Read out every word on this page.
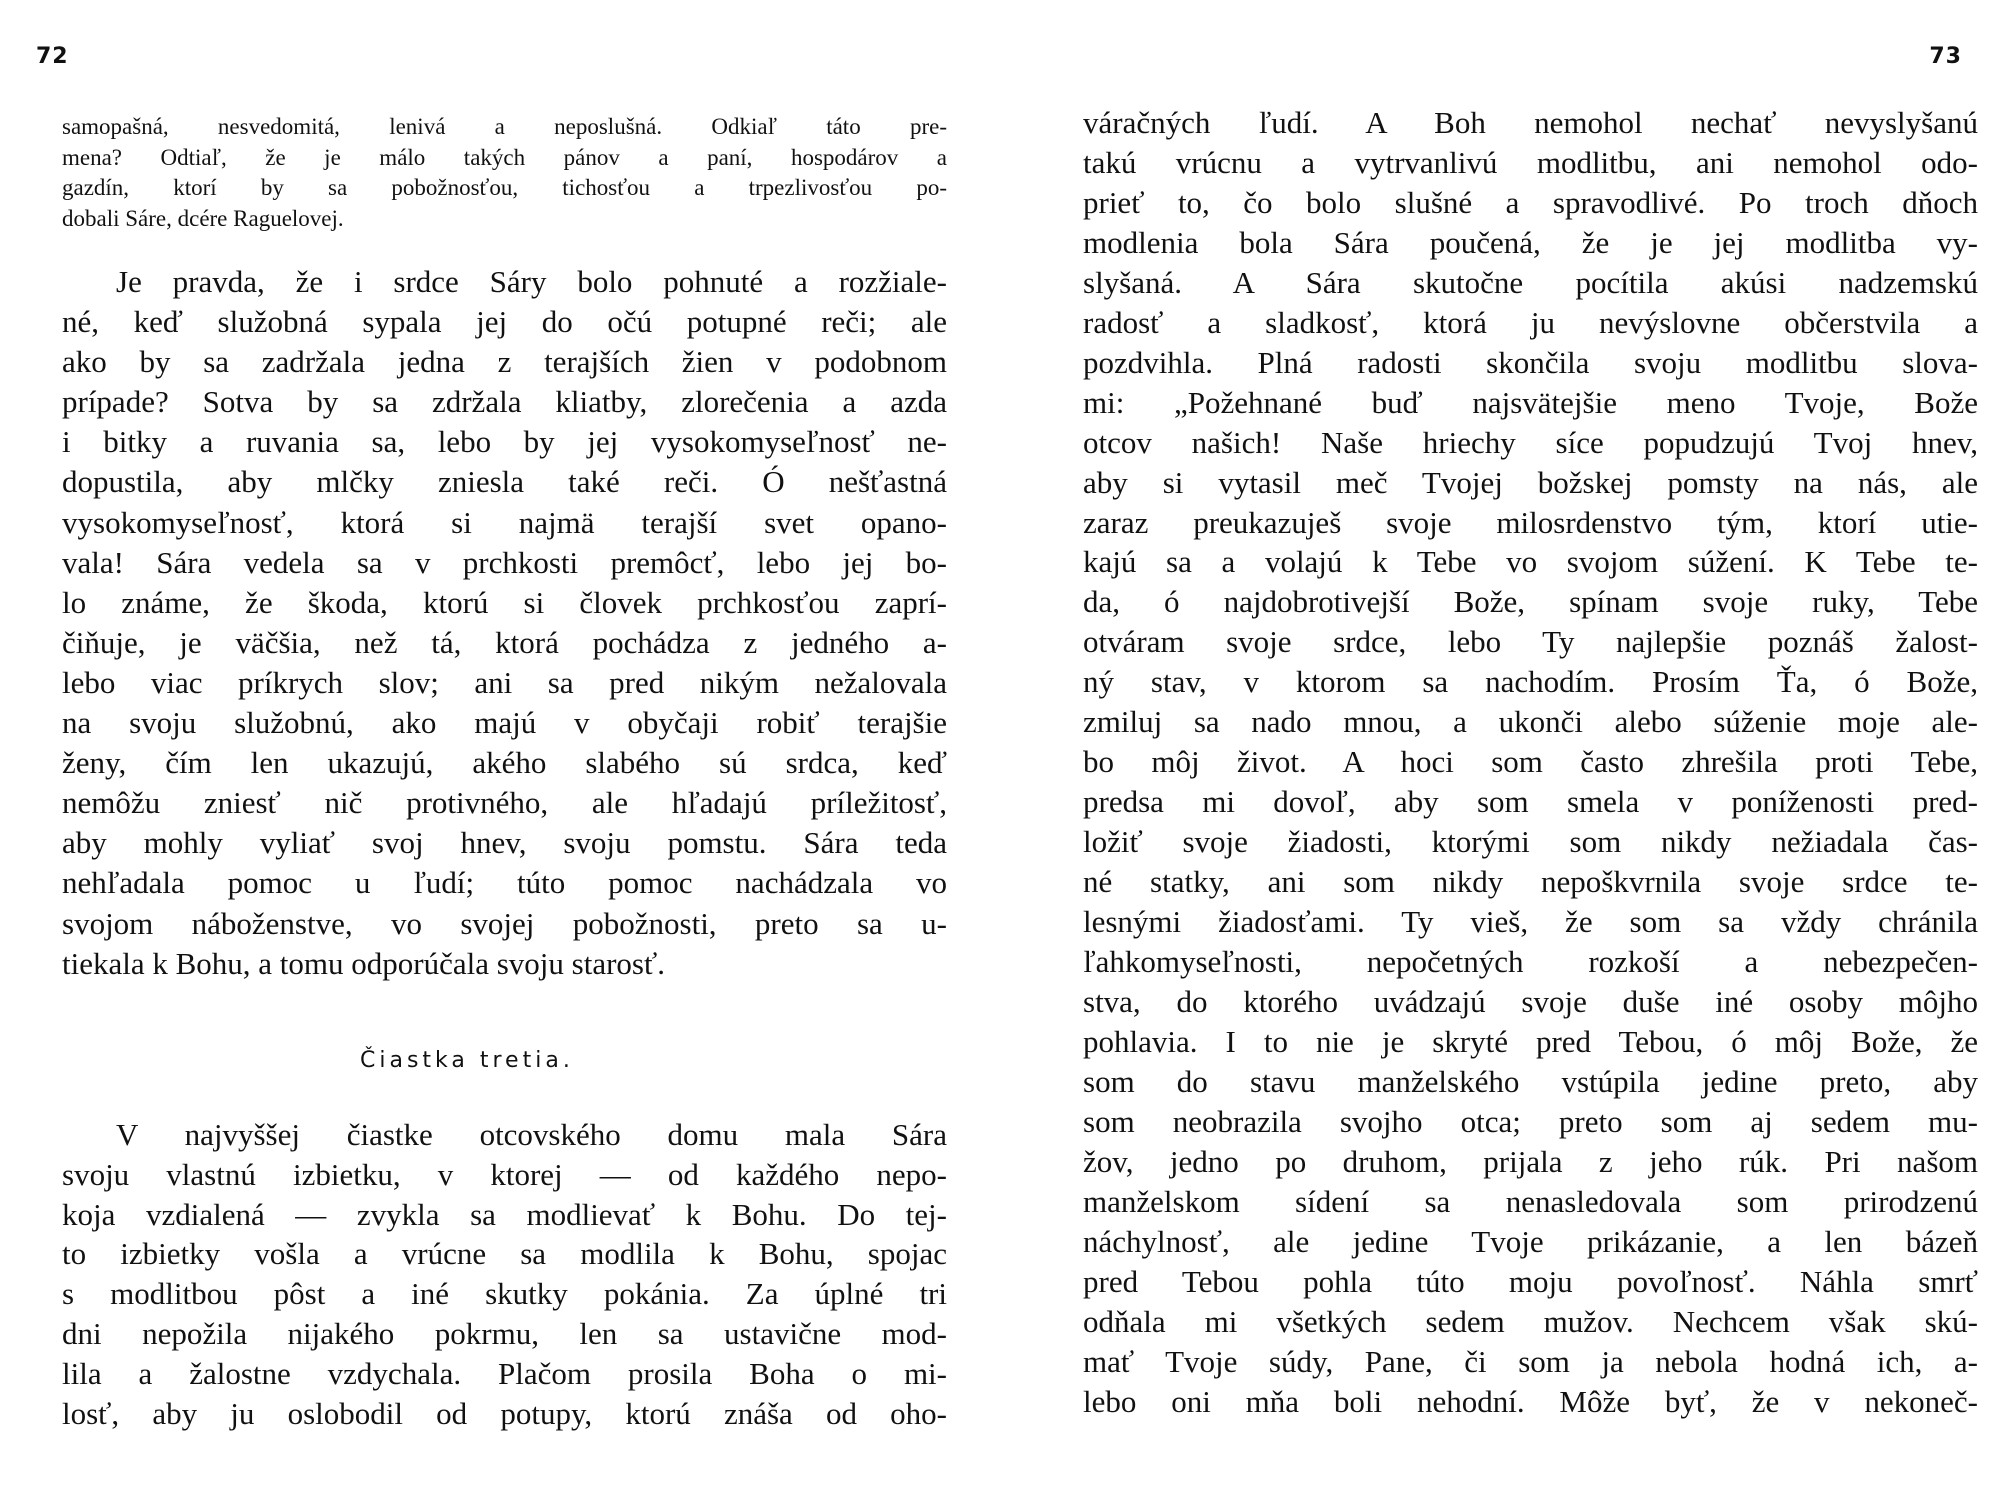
72
samopašná, nesvedomitá, lenivá a neposlušná. Odkiaľ táto pre-
mena? Odtiaľ, že je málo takých pánov a paní, hospodárov a
gazdín, ktorí by sa pobožnosťou, tichosťou a trpezlivosťou po-
dobali Sáre, dcére Raguelovej.
Je pravda, že i srdce Sáry bolo pohnuté a rozžiale-
né, keď služobná sypala jej do očú potupné reči; ale
ako by sa zadržala jedna z terajších žien v podobnom
prípade? Sotva by sa zdržala kliatby, zlorečenia a azda
i bitky a ruvania sa, lebo by jej vysokomyseľnosť ne-
dopustila, aby mlčky zniesla také reči. Ó nešťastná
vysokomyseľnosť, ktorá si najmä terajší svet opano-
vala! Sára vedela sa v prchkosti premôcť, lebo jej bo-
lo známe, že škoda, ktorú si človek prchkosťou zaprí-
čiňuje, je väčšia, než tá, ktorá pochádza z jedného a-
lebo viac príkrych slov; ani sa pred nikým nežalovala
na svoju služobnú, ako majú v obyčaji robiť terajšie
ženy, čím len ukazujú, akého slabého sú srdca, keď
nemôžu zniesť nič protivného, ale hľadajú príležitosť,
aby mohly vyliať svoj hnev, svoju pomstu. Sára teda
nehľadala pomoc u ľudí; túto pomoc nachádzala vo
svojom náboženstve, vo svojej pobožnosti, preto sa u-
tiekala k Bohu, a tomu odporúčala svoju starosť.
Čiastka tretia.
V najvyššej čiastke otcovského domu mala Sára
svoju vlastnú izbietku, v ktorej — od každého nepo-
koja vzdialená — zvykla sa modlievať k Bohu. Do tej-
to izbietky vošla a vrúcne sa modlila k Bohu, spojac
s modlitbou pôst a iné skutky pokánia. Za úplné tri
dni nepožila nijakého pokrmu, len sa ustavične mod-
lila a žalostne vzdychala. Plačom prosila Boha o mi-
losť, aby ju oslobodil od potupy, ktorú znáša od oho-
73
váračných ľudí. A Boh nemohol nechať nevyslyšanú
takú vrúcnu a vytrvanlivú modlitbu, ani nemohol odo-
prieť to, čo bolo slušné a spravodlivé. Po troch dňoch
modlenia bola Sára poučená, že je jej modlitba vy-
slyšaná. A Sára skutočne pocítila akúsi nadzemskú
radosť a sladkosť, ktorá ju nevýslovne občerstvila a
pozdvihla. Plná radosti skončila svoju modlitbu slova-
mi: „Požehnané buď najsvätejšie meno Tvoje, Bože
otcov našich! Naše hriechy síce popudzujú Tvoj hnev,
aby si vytasil meč Tvojej božskej pomsty na nás, ale
zaraz preukazuješ svoje milosrdenstvo tým, ktorí utie-
kajú sa a volajú k Tebe vo svojom súžení. K Tebe te-
da, ó najdobrotivejší Bože, spínam svoje ruky, Tebe
otváram svoje srdce, lebo Ty najlepšie poznáš žalost-
ný stav, v ktorom sa nachodím. Prosím Ťa, ó Bože,
zmiluj sa nado mnou, a ukonči alebo súženie moje ale-
bo môj život. A hoci som často zhrešila proti Tebe,
predsa mi dovoľ, aby som smela v poníženosti pred-
ložiť svoje žiadosti, ktorými som nikdy nežiadala čas-
né statky, ani som nikdy nepoškvrnila svoje srdce te-
lesnými žiadosťami. Ty vieš, že som sa vždy chránila
ľahkomyseľnosti, nepočetných rozkoší a nebezpečen-
stva, do ktorého uvádzajú svoje duše iné osoby môjho
pohlavia. I to nie je skryté pred Tebou, ó môj Bože, že
som do stavu manželského vstúpila jedine preto, aby
som neobrazila svojho otca; preto som aj sedem mu-
žov, jedno po druhom, prijala z jeho rúk. Pri našom
manželskom sídení sa nenasledovala som prirodzenú
náchylnosť, ale jedine Tvoje prikázanie, a len bázeň
pred Tebou pohla túto moju povoľnosť. Náhla smrť
odňala mi všetkých sedem mužov. Nechcem však skú-
mať Tvoje súdy, Pane, či som ja nebola hodná ich, a-
lebo oni mňa boli nehodní. Môže byť, že v nekoneč-
